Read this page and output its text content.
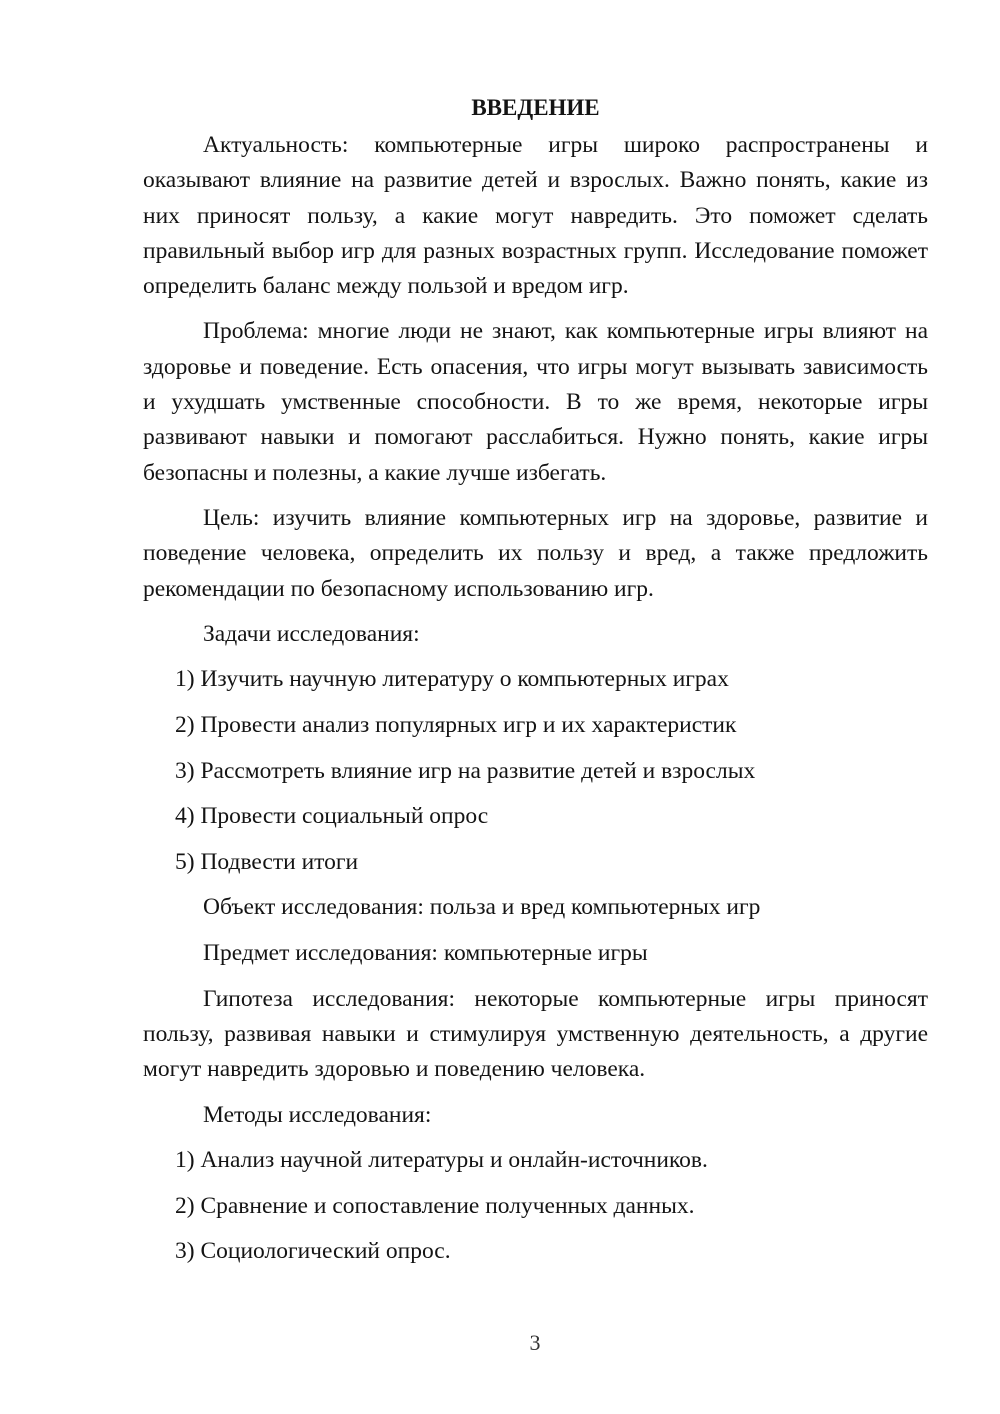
ВВЕДЕНИЕ

Актуальность: компьютерные игры широко распространены и оказывают влияние на развитие детей и взрослых. Важно понять, какие из них приносят пользу, а какие могут навредить. Это поможет сделать правильный выбор игр для разных возрастных групп. Исследование поможет определить баланс между пользой и вредом игр.

Проблема: многие люди не знают, как компьютерные игры влияют на здоровье и поведение. Есть опасения, что игры могут вызывать зависимость и ухудшать умственные способности. В то же время, некоторые игры развивают навыки и помогают расслабиться. Нужно понять, какие игры безопасны и полезны, а какие лучше избегать.

Цель: изучить влияние компьютерных игр на здоровье, развитие и поведение человека, определить их пользу и вред, а также предложить рекомендации по безопасному использованию игр.

Задачи исследования:
1) Изучить научную литературу о компьютерных играх
2) Провести анализ популярных игр и их характеристик
3) Рассмотреть влияние игр на развитие детей и взрослых
4) Провести социальный опрос
5) Подвести итоги
Объект исследования: польза и вред компьютерных игр
Предмет исследования: компьютерные игры

Гипотеза исследования: некоторые компьютерные игры приносят пользу, развивая навыки и стимулируя умственную деятельность, а другие могут навредить здоровью и поведению человека.

Методы исследования:
1) Анализ научной литературы и онлайн-источников.
2) Сравнение и сопоставление полученных данных.
3) Социологический опрос.
3
